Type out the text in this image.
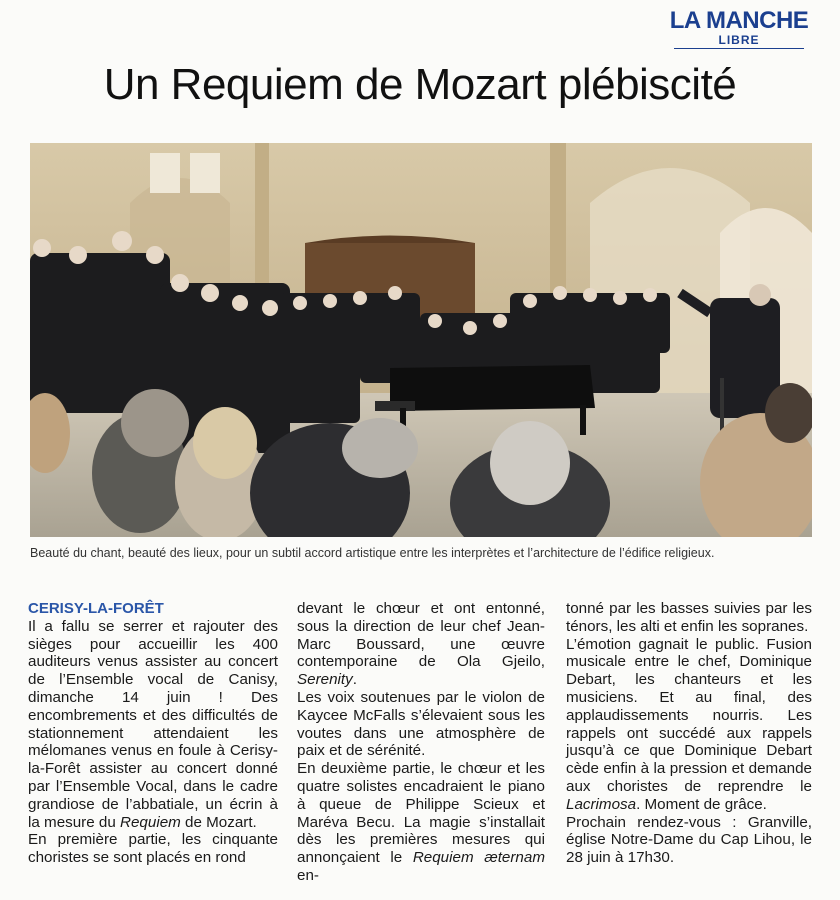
LA MANCHE
LIBRE
Un Requiem de Mozart plébiscité
Beauté du chant, beauté des lieux, pour un subtil accord artistique entre les interprètes et l’architecture de l’édifice religieux.
CERISY-LA-FORÊT

Il a fallu se serrer et rajouter des sièges pour accueillir les 400 auditeurs venus assister au concert de l’Ensemble vocal de Canisy, dimanche 14 juin ! Des encombrements et des difficultés de stationnement attendaient les mélomanes venus en foule à Cerisy-la-Forêt assister au concert donné par l’Ensemble Vocal, dans le cadre grandiose de l’abbatiale, un écrin à la mesure du Requiem de Mozart.

En première partie, les cinquante choristes se sont placés en rond

devant le chœur et ont entonné, sous la direction de leur chef Jean-Marc Boussard, une œuvre contemporaine de Ola Gjeilo, Serenity.

Les voix soutenues par le violon de Kaycee McFalls s’élevaient sous les voutes dans une atmosphère de paix et de sérénité.

En deuxième partie, le chœur et les quatre solistes encadraient le piano à queue de Philippe Scieux et Maréva Becu. La magie s’installait dès les premières mesures qui annonçaient le Requiem æternam en-

tonné par les basses suivies par les ténors, les alti et enfin les sopranes.

L’émotion gagnait le public. Fusion musicale entre le chef, Dominique Debart, les chanteurs et les musiciens. Et au final, des applaudissements nourris. Les rappels ont succédé aux rappels jusqu’à ce que Dominique Debart cède enfin à la pression et demande aux choristes de reprendre le Lacrimosa. Moment de grâce.

Prochain rendez-vous : Granville, église Notre-Dame du Cap Lihou, le 28 juin à 17h30.
